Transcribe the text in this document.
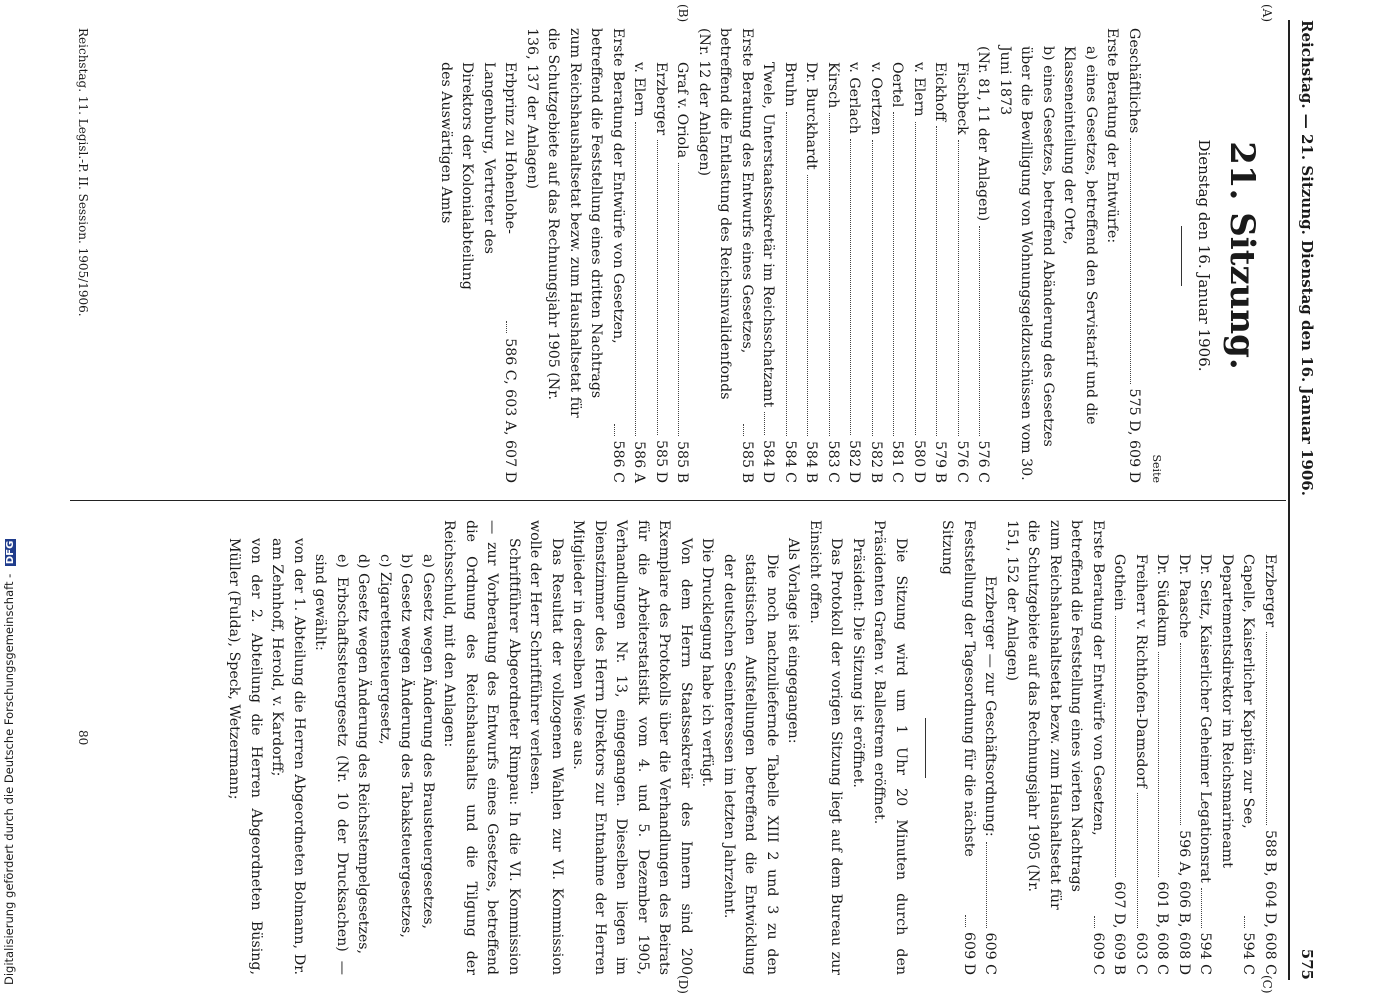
Reichstag. — 21. Sitzung. Dienstag den 16. Januar 1906.
575
(A)
(B)
(C)
(D)
21. Sitzung.
Dienstag den 16. Januar 1906.
Seite
Geschäftliches
575 D, 609 D
Erste Beratung der Entwürfe:
a) eines Gesetzes, betreffend den Servistarif und die Klasseneinteilung der Orte,
b) eines Gesetzes, betreffend Abänderung des Gesetzes über die Bewilligung von Wohnungsgeldzuschüssen vom 30. Juni 1873
(Nr. 81, 11 der Anlagen)
576 C
Fischbeck
576 C
Eickhoff
579 B
v. Elern
580 D
Oertel
581 C
v. Oertzen
582 B
v. Gerlach
582 D
Kirsch
583 C
Dr. Burckhardt
584 B
Bruhn
584 C
Twele, Unterstaatssekretär im Reichsschatzamt
584 D
Erste Beratung des Entwurfs eines Gesetzes, betreffend die Entlastung des Reichsinvalidenfonds (Nr. 12 der Anlagen)
585 B
Graf v. Oriola
585 B
Erzberger
585 D
v. Elern
586 A
Erste Beratung der Entwürfe von Gesetzen, betreffend die Feststellung eines dritten Nachtrags zum Reichshaushaltsetat bezw. zum Haushaltsetat für die Schutzgebiete auf das Rechnungsjahr 1905 (Nr. 136, 137 der Anlagen)
586 C
Erbprinz zu Hohenlohe-Langenburg, Vertreter des Direktors der Kolonialabteilung des Auswärtigen Amts
586 C, 603 A, 607 D
Erzberger
588 B, 604 D, 608 C
Capelle, Kaiserlicher Kapitän zur See, Departementsdirektor im Reichsmarineamt
594 C
Dr. Seitz, Kaiserlicher Geheimer Legationsrat
594 C
Dr. Paasche
596 A, 606 B, 608 D
Dr. Südekum
601 B, 608 C
Freiherr v. Richthofen-Damsdorf
603 C
Gothein
607 D, 609 B
Erste Beratung der Entwürfe von Gesetzen, betreffend die Feststellung eines vierten Nachtrags zum Reichshaushaltsetat bezw. zum Haushaltsetat für die Schutzgebiete auf das Rechnungsjahr 1905 (Nr. 151, 152 der Anlagen)
609 C
Erzberger — zur Geschäftsordnung:
609 C
Feststellung der Tagesordnung für die nächste Sitzung
609 D
Die Sitzung wird um 1 Uhr 20 Minuten durch den Präsidenten Grafen v. Ballestrem eröffnet.
Präsident: Die Sitzung ist eröffnet.
Das Protokoll der vorigen Sitzung liegt auf dem Bureau zur Einsicht offen.
Als Vorlage ist eingegangen:
Die noch nachzuliefernde Tabelle XIII 2 und 3 zu den statistischen Aufstellungen betreffend die Entwicklung der deutschen Seeinteressen im letzten Jahrzehnt.
Die Drucklegung habe ich verfügt.
Von dem Herrn Staatssekretär des Innern sind 200 Exemplare des Protokolls über die Verhandlungen des Beirats für die Arbeiterstatistik vom 4. und 5. Dezember 1905, Verhandlungen Nr. 13, eingegangen. Dieselben liegen im Dienstzimmer des Herrn Direktors zur Entnahme der Herren Mitglieder in derselben Weise aus.
Das Resultat der vollzogenen Wahlen zur VI. Kommission wolle der Herr Schriftführer verlesen.
Schriftführer Abgeordneter Rimpau: In die VI. Kommission — zur Vorberatung des Entwurfs eines Gesetzes, betreffend die Ordnung des Reichshaushalts und die Tilgung der Reichsschuld, mit den Anlagen:
a) Gesetz wegen Änderung des Brausteuergesetzes,
b) Gesetz wegen Änderung des Tabaksteuergesetzes,
c) Zigarettensteuergesetz,
d) Gesetz wegen Änderung des Reichsstempelgesetzes,
e) Erbschaftssteuergesetz (Nr. 10 der Drucksachen) — sind gewählt:
von der 1. Abteilung die Herren Abgeordneten Bolmann, Dr. am Zehnhoff, Herold, v. Kardorff;
von der 2. Abteilung die Herren Abgeordneten Büsing, Müller (Fulda), Speck, Wetzermann;
Reichstag. 11. Legisl.-P. II. Session. 1905/1906.
80
Digitalisierung gefördert durch die Deutsche Forschungsgemeinschaft - DFG
